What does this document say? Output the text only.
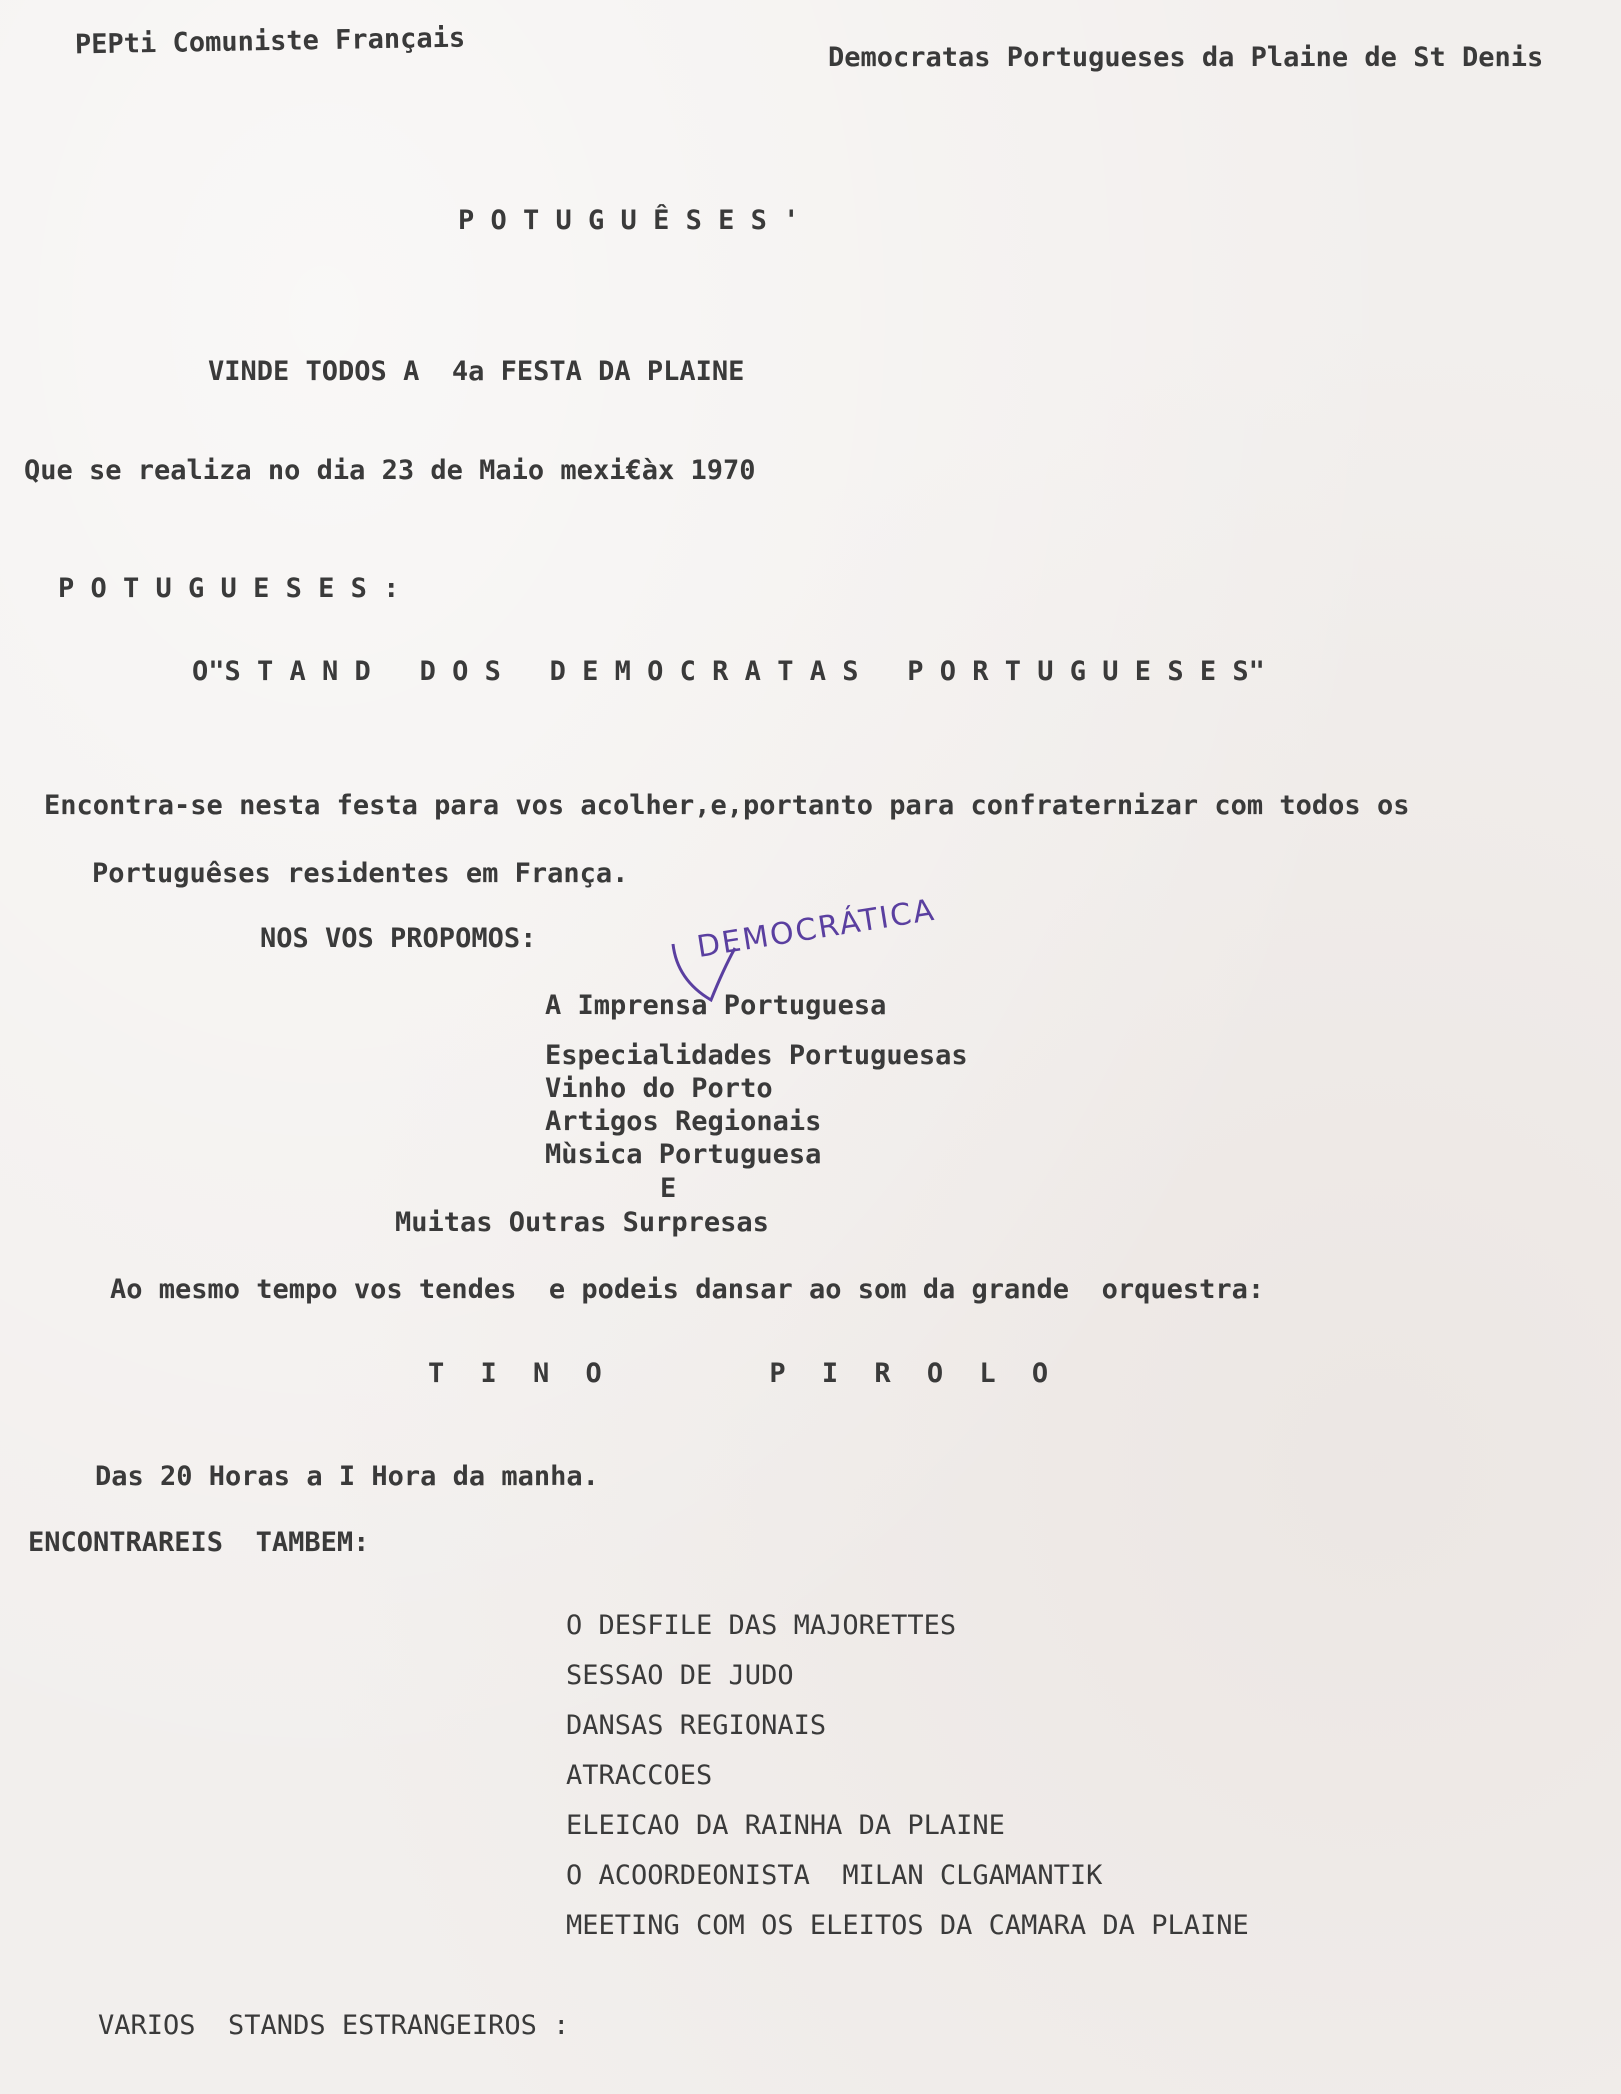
PEPti Comuniste Français	Democratas Portugueses da Plaine de St Denis
P O T U G U Ê S E S '
VINDE TODOS A  4a FESTA DA PLAINE
Que se realiza no dia 23 de Maio mexi€àx 1970
P O T U G U E S E S :
O"S T A N D   D O S   D E M O C R A T A S   P O R T U G U E S E S"
Encontra-se nesta festa para vos acolher,e,portanto para confraternizar com todos os
Portuguêses residentes em França.
NOS VOS PROPOMOS:	DEMOCRÁTICA
A Imprensa Portuguesa
Especialidades Portuguesas
Vinho do Porto
Artigos Regionais
Mùsica Portuguesa
E
Muitas Outras Surpresas
Ao mesmo tempo vos tendes  e podeis dansar ao som da grande  orquestra:
T I N O      P I R O L O
Das 20 Horas a I Hora da manha.
ENCONTRAREIS  TAMBEM:
O DESFILE DAS MAJORETTES
SESSAO DE JUDO
DANSAS REGIONAIS
ATRACCOES
ELEICAO DA RAINHA DA PLAINE
O ACOORDEONISTA  MILAN CLGAMANTIK
MEETING COM OS ELEITOS DA CAMARA DA PLAINE
VARIOS  STANDS ESTRANGEIROS :
